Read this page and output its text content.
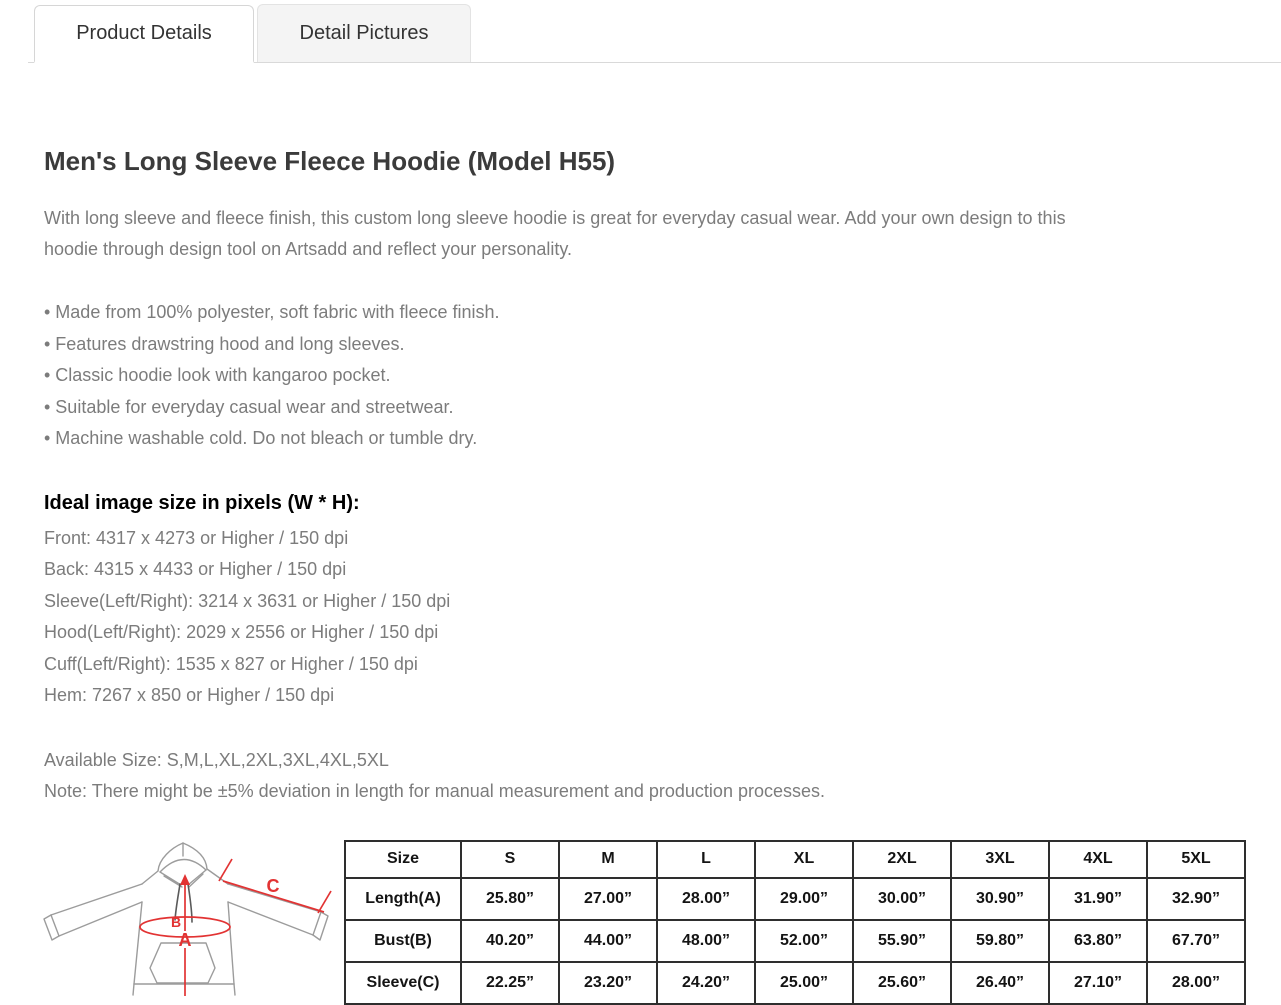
Product Details	Detail Pictures
Men's Long Sleeve Fleece Hoodie (Model H55)

With long sleeve and fleece finish, this custom long sleeve hoodie is great for everyday casual wear. Add your own design to this hoodie through design tool on Artsadd and reflect your personality.

• Made from 100% polyester, soft fabric with fleece finish.
• Features drawstring hood and long sleeves.
• Classic hoodie look with kangaroo pocket.
• Suitable for everyday casual wear and streetwear.
• Machine washable cold. Do not bleach or tumble dry.
Ideal image size in pixels (W * H):
Front: 4317 x 4273 or Higher / 150 dpi
Back: 4315 x 4433 or Higher / 150 dpi
Sleeve(Left/Right): 3214 x 3631 or Higher / 150 dpi
Hood(Left/Right): 2029 x 2556 or Higher / 150 dpi
Cuff(Left/Right): 1535 x 827 or Higher / 150 dpi
Hem: 7267 x 850 or Higher / 150 dpi
Available Size: S,M,L,XL,2XL,3XL,4XL,5XL
Note: There might be ±5% deviation in length for manual measurement and production processes.
B
A
C
Size	S	M	L	XL	2XL	3XL	4XL	5XL
Length(A)	25.80”	27.00”	28.00”	29.00”	30.00”	30.90”	31.90”	32.90”
Bust(B)	40.20”	44.00”	48.00”	52.00”	55.90”	59.80”	63.80”	67.70”
Sleeve(C)	22.25”	23.20”	24.20”	25.00”	25.60”	26.40”	27.10”	28.00”
